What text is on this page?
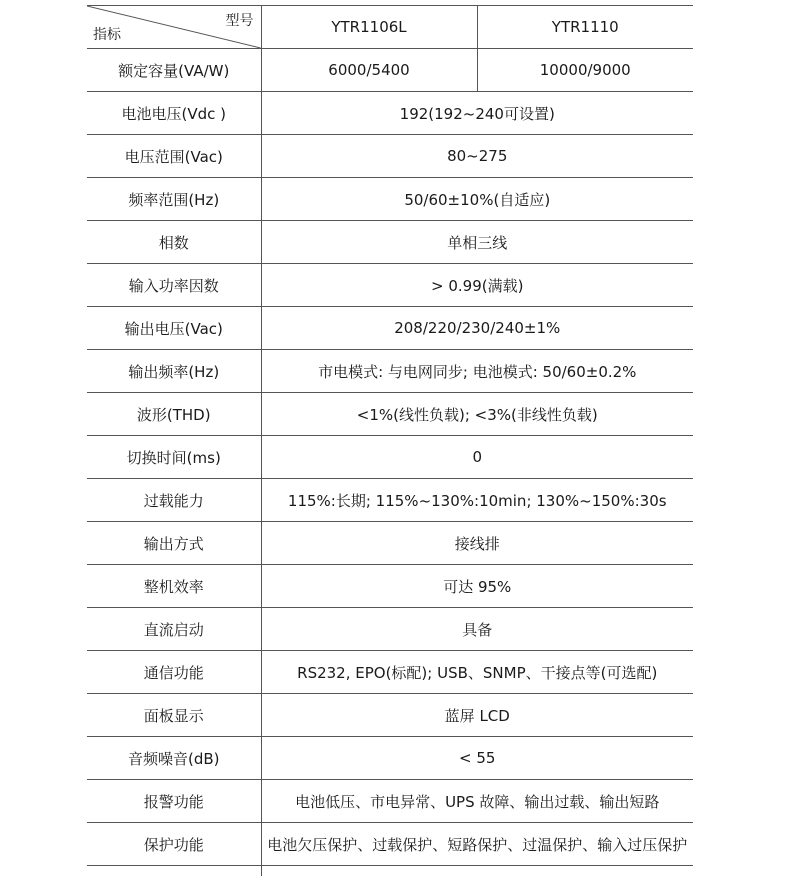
型号
指标	YTR1106L	YTR1110
额定容量(VA/W)	6000/5400	10000/9000
电池电压(Vdc )	192(192~240可设置)	
电压范围(Vac)	80~275	
频率范围(Hz)	50/60±10%(自适应)	
相数	单相三线	
输入功率因数	> 0.99(满载)	
输出电压(Vac)	208/220/230/240±1%	
输出频率(Hz)	市电模式: 与电网同步; 电池模式: 50/60±0.2%	
波形(THD)	<1%(线性负载); <3%(非线性负载)	
切换时间(ms)	0	
过载能力	115%:长期; 115%~130%:10min; 130%~150%:30s	
输出方式	接线排	
整机效率	可达 95%	
直流启动	具备	
通信功能	RS232, EPO(标配); USB、SNMP、干接点等(可选配)	
面板显示	蓝屏 LCD	
音频噪音(dB)	< 55	
报警功能	电池低压、市电异常、UPS 故障、输出过载、输出短路	
保护功能	电池欠压保护、过载保护、短路保护、过温保护、输入过压保护	
